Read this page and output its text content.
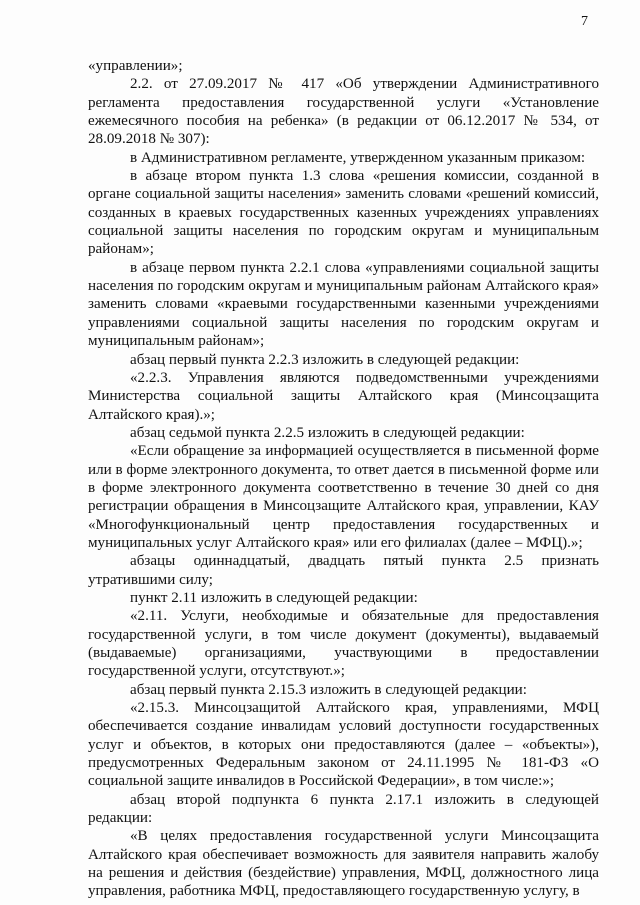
7

«управлении»;

2.2. от 27.09.2017 № 417 «Об утверждении Административного регламента предоставления государственной услуги «Установление ежемесячного пособия на ребенка» (в редакции от 06.12.2017 № 534, от 28.09.2018 № 307):

в Административном регламенте, утвержденном указанным приказом:

в абзаце втором пункта 1.3 слова «решения комиссии, созданной в органе социальной защиты населения» заменить словами «решений комиссий, созданных в краевых государственных казенных учреждениях управлениях социальной защиты населения по городским округам и муниципальным районам»;

в абзаце первом пункта 2.2.1 слова «управлениями социальной защиты населения по городским округам и муниципальным районам Алтайского края» заменить словами «краевыми государственными казенными учреждениями управлениями социальной защиты населения по городским округам и муниципальным районам»;

абзац первый пункта 2.2.3 изложить в следующей редакции:

«2.2.3. Управления являются подведомственными учреждениями Министерства социальной защиты Алтайского края (Минсоцзащита Алтайского края).»;

абзац седьмой пункта 2.2.5 изложить в следующей редакции:

«Если обращение за информацией осуществляется в письменной форме или в форме электронного документа, то ответ дается в письменной форме или в форме электронного документа соответственно в течение 30 дней со дня регистрации обращения в Минсоцзащите Алтайского края, управлении, КАУ «Многофункциональный центр предоставления государственных и муниципальных услуг Алтайского края» или его филиалах (далее – МФЦ).»;

абзацы одиннадцатый, двадцать пятый пункта 2.5 признать утратившими силу;

пункт 2.11 изложить в следующей редакции:

«2.11. Услуги, необходимые и обязательные для предоставления государственной услуги, в том числе документ (документы), выдаваемый (выдаваемые) организациями, участвующими в предоставлении государственной услуги, отсутствуют.»;

абзац первый пункта 2.15.3 изложить в следующей редакции:

«2.15.3. Минсоцзащитой Алтайского края, управлениями, МФЦ обеспечивается создание инвалидам условий доступности государственных услуг и объектов, в которых они предоставляются (далее – «объекты»), предусмотренных Федеральным законом от 24.11.1995 № 181-ФЗ «О социальной защите инвалидов в Российской Федерации», в том числе:»;

абзац второй подпункта 6 пункта 2.17.1 изложить в следующей редакции:

«В целях предоставления государственной услуги Минсоцзащита Алтайского края обеспечивает возможность для заявителя направить жалобу на решения и действия (бездействие) управления, МФЦ, должностного лица управления, работника МФЦ, предоставляющего государственную услугу, в
